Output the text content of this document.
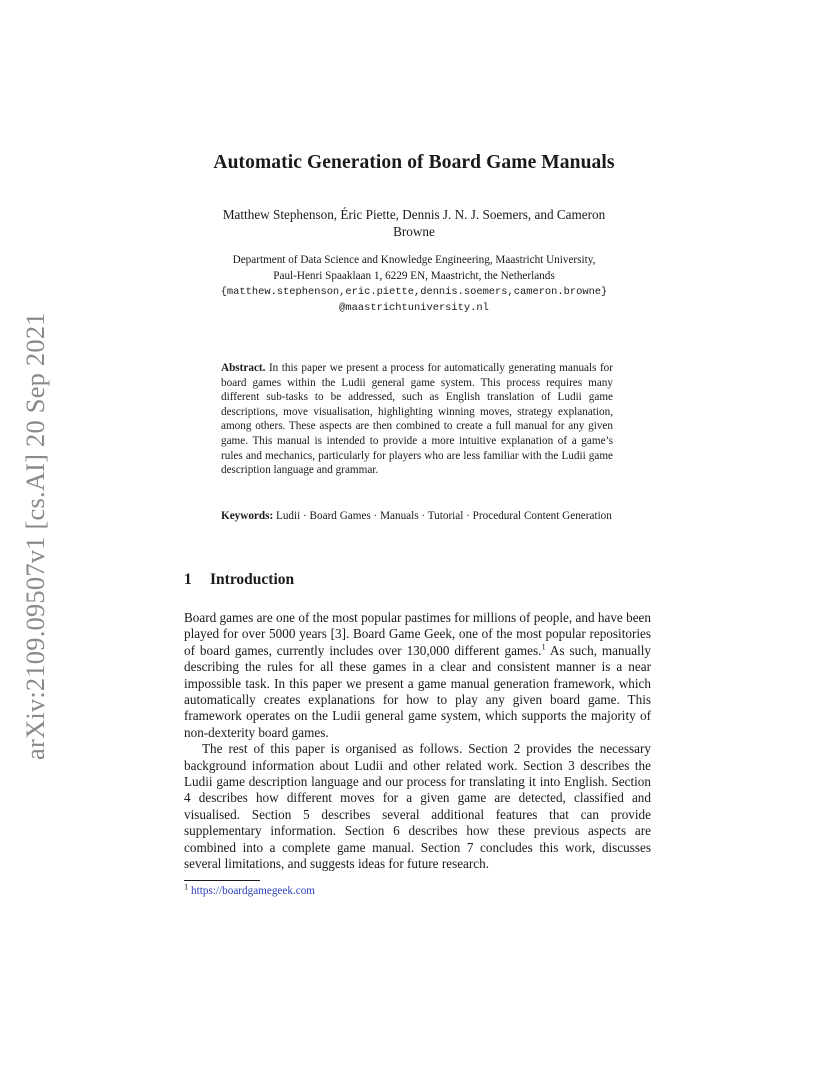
arXiv:2109.09507v1 [cs.AI] 20 Sep 2021
Automatic Generation of Board Game Manuals
Matthew Stephenson, Éric Piette, Dennis J. N. J. Soemers, and Cameron
Browne
Department of Data Science and Knowledge Engineering, Maastricht University,
Paul-Henri Spaaklaan 1, 6229 EN, Maastricht, the Netherlands
{matthew.stephenson,eric.piette,dennis.soemers,cameron.browne}
@maastrichtuniversity.nl
Abstract. In this paper we present a process for automatically generating manuals for board games within the Ludii general game system. This process requires many different sub-tasks to be addressed, such as English translation of Ludii game descriptions, move visualisation, highlighting winning moves, strategy explanation, among others. These aspects are then combined to create a full manual for any given game. This manual is intended to provide a more intuitive explanation of a game’s rules and mechanics, particularly for players who are less familiar with the Ludii game description language and grammar.
Keywords: Ludii · Board Games · Manuals · Tutorial · Procedural Content Generation
1 Introduction

Board games are one of the most popular pastimes for millions of people, and have been played for over 5000 years [3]. Board Game Geek, one of the most popular repositories of board games, currently includes over 130,000 different games.$^1$ As such, manually describing the rules for all these games in a clear and consistent manner is a near impossible task. In this paper we present a game manual generation framework, which automatically creates explanations for how to play any given board game. This framework operates on the Ludii general game system, which supports the majority of non-dexterity board games.

The rest of this paper is organised as follows. Section 2 provides the necessary background information about Ludii and other related work. Section 3 describes the Ludii game description language and our process for translating it into English. Section 4 describes how different moves for a given game are detected, classified and visualised. Section 5 describes several additional features that can provide supplementary information. Section 6 describes how these previous aspects are combined into a complete game manual. Section 7 concludes this work, discusses several limitations, and suggests ideas for future research.

$^1$ https://boardgamegeek.com
